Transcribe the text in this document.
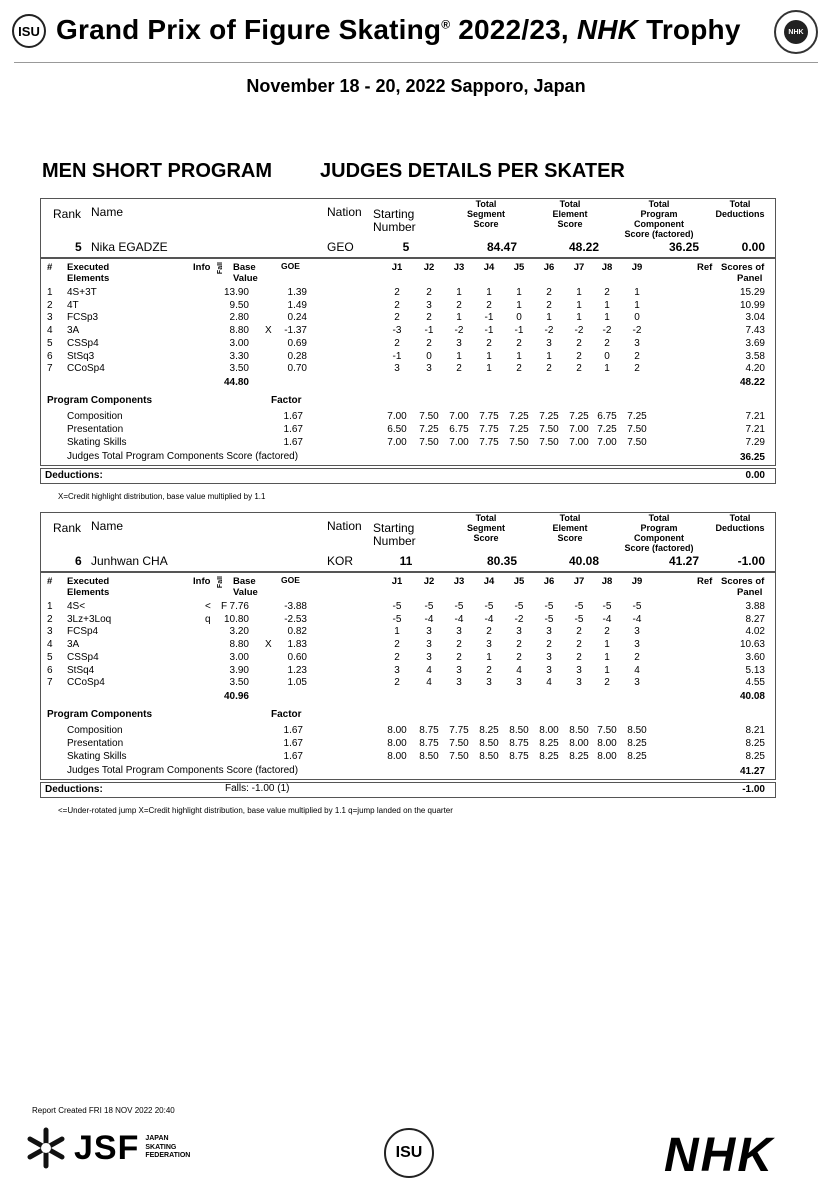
ISU Grand Prix of Figure Skating® 2022/23, NHK Trophy	NHK
November 18 - 20, 2022 Sapporo, Japan
MEN SHORT PROGRAM JUDGES DETAILS PER SKATER
Rank Name	Nation Starting
Number
Total
Segment
Score
Total
Element
Score
Total
Program
Component
Score (factored)
Total
Deductions
5 Nika EGADZE	GEO	5	84.47	48.22	36.25	0.00
# Executed
Elements
Info Fall Base
Value
GOE	J1	J2	J3	J4	J5	J6	J7	J8	J9	Ref Scores of
Panel
1 4S+3T	13.90	1.39	2	2	1	1	1	2	1	2	1	15.29
2 4T	9.50	1.49	2	3	2	2	1	2	1	1	1	10.99
3 FCSp3	2.80	0.24	2	2	1	-1	0	1	1	1	0	3.04
4 3A	8.80 X	-1.37	-3	-1	-2	-1	-1	-2	-2	-2	-2	7.43
5 CSSp4	3.00	0.69	2	2	3	2	2	3	2	2	3	3.69
6 StSq3	3.30	0.28	-1	0	1	1	1	1	2	0	2	3.58
7 CCoSp4	3.50	0.70	3	3	2	1	2	2	2	1	2	4.20
44.80	48.22
Program Components	Factor
Composition	1.67	7.00	7.50	7.00	7.75	7.25	7.25	7.25 6.75	7.25	7.21
Presentation	1.67	6.50	7.25	6.75	7.75	7.25	7.50	7.00 7.25	7.50	7.21
Skating Skills	1.67	7.00	7.50	7.00	7.75	7.50	7.50	7.00 7.00	7.50	7.29
Judges Total Program Components Score (factored)	36.25
Deductions:	0.00
X=Credit highlight distribution, base value multiplied by 1.1
Rank Name	Nation Starting
Number
Total
Segment
Score
Total
Element
Score
Total
Program
Component
Score (factored)
Total
Deductions
6 Junhwan CHA	KOR	11	80.35	40.08	41.27	-1.00
# Executed
Elements
Info Fall Base
Value
GOE	J1	J2	J3	J4	J5	J6	J7	J8	J9	Ref Scores of
Panel
1 4S<	< F 7.76	-3.88	-5	-5	-5	-5	-5	-5	-5	-5	-5	3.88
2 3Lz+3Loq	q 10.80	-2.53	-5	-4	-4	-4	-2	-5	-5	-4	-4	8.27
3 FCSp4	3.20	0.82	1	3	3	2	3	3	2	2	3	4.02
4 3A	8.80 X	1.83	2	3	2	3	2	2	2	1	3	10.63
5 CSSp4	3.00	0.60	2	3	2	1	2	3	2	1	2	3.60
6 StSq4	3.90	1.23	3	4	3	2	4	3	3	1	4	5.13
7 CCoSp4	3.50	1.05	2	4	3	3	3	4	3	2	3	4.55
40.96	40.08
Program Components	Factor
Composition	1.67	8.00	8.75	7.75	8.25	8.50	8.00	8.50 7.50	8.50	8.21
Presentation	1.67	8.00	8.75	7.50	8.50	8.75	8.25	8.00 8.00	8.25	8.25
Skating Skills	1.67	8.00	8.50	7.50	8.50	8.75	8.25	8.25 8.00	8.25	8.25
Judges Total Program Components Score (factored)	41.27
Deductions:	Falls: -1.00 (1)	-1.00
<=Under-rotated jump X=Credit highlight distribution, base value multiplied by 1.1 q=jump landed on the quarter
Report Created FRI 18 NOV 2022 20:40
JSF JAPAN
SKATING
FEDERATION	ISU	NHK
